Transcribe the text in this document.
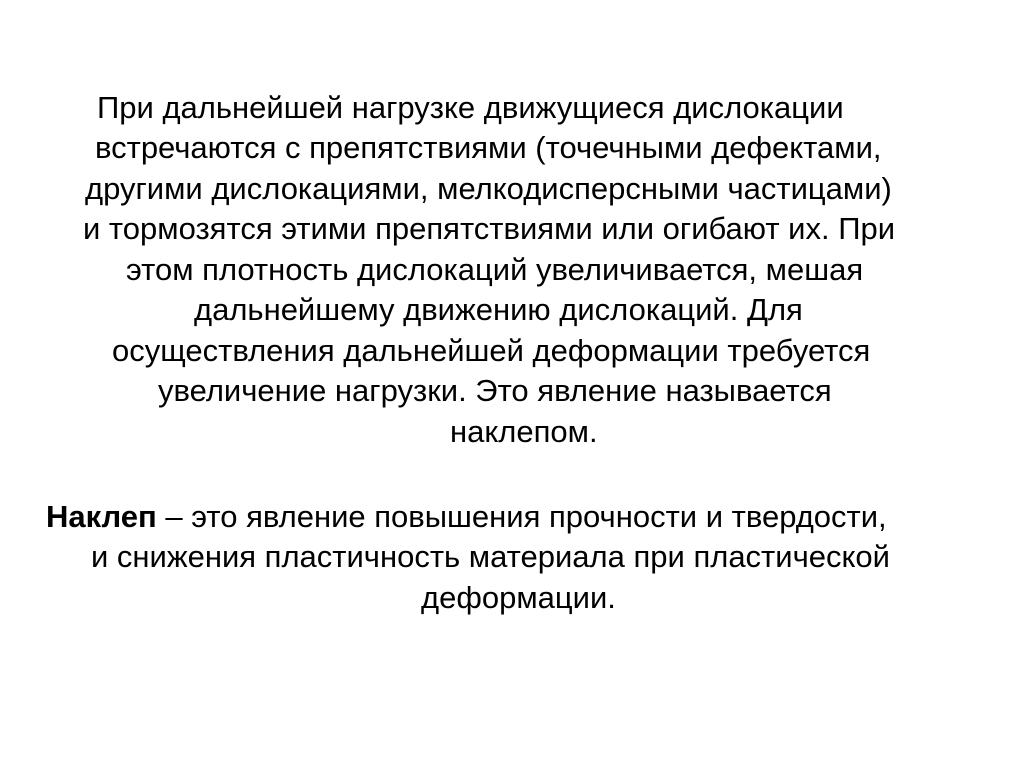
При дальнейшей нагрузке движущиеся дислокации
встречаются с препятствиями (точечными дефектами,
другими дислокациями, мелкодисперсными частицами)
и тормозятся этими препятствиями или огибают их. При
этом плотность дислокаций увеличивается, мешая
дальнейшему движению дислокаций. Для
осуществления дальнейшей деформации требуется
увеличение нагрузки. Это явление называется
наклепом.
Наклеп – это явление повышения прочности и твердости,
и снижения пластичность материала при пластической
деформации.
